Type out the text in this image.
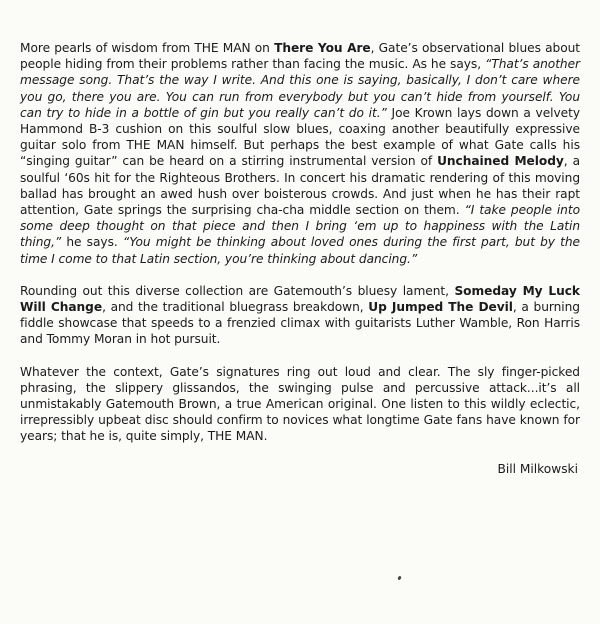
More pearls of wisdom from THE MAN on There You Are, Gate’s observational blues about people hiding from their problems rather than facing the music. As he says, “That’s another message song. That’s the way I write. And this one is saying, basically, I don’t care where you go, there you are. You can run from everybody but you can’t hide from yourself. You can try to hide in a bottle of gin but you really can’t do it.” Joe Krown lays down a velvety Hammond B-3 cushion on this soulful slow blues, coaxing another beautifully expressive guitar solo from THE MAN himself. But perhaps the best example of what Gate calls his “singing guitar” can be heard on a stirring instrumental version of Unchained Melody, a soulful ‘60s hit for the Righteous Brothers. In concert his dramatic rendering of this moving ballad has brought an awed hush over boisterous crowds. And just when he has their rapt attention, Gate springs the surprising cha-cha middle section on them. “I take people into some deep thought on that piece and then I bring ‘em up to happiness with the Latin thing,” he says. “You might be thinking about loved ones during the first part, but by the time I come to that Latin section, you’re thinking about dancing.”

Rounding out this diverse collection are Gatemouth’s bluesy lament, Someday My Luck Will Change, and the traditional bluegrass breakdown, Up Jumped The Devil, a burning fiddle showcase that speeds to a frenzied climax with guitarists Luther Wamble, Ron Harris and Tommy Moran in hot pursuit.

Whatever the context, Gate’s signatures ring out loud and clear. The sly finger-picked phrasing, the slippery glissandos, the swinging pulse and percussive attack...it’s all unmistakably Gatemouth Brown, a true American original. One listen to this wildly eclectic, irrepressibly upbeat disc should confirm to novices what longtime Gate fans have known for years; that he is, quite simply, THE MAN.

Bill Milkowski
